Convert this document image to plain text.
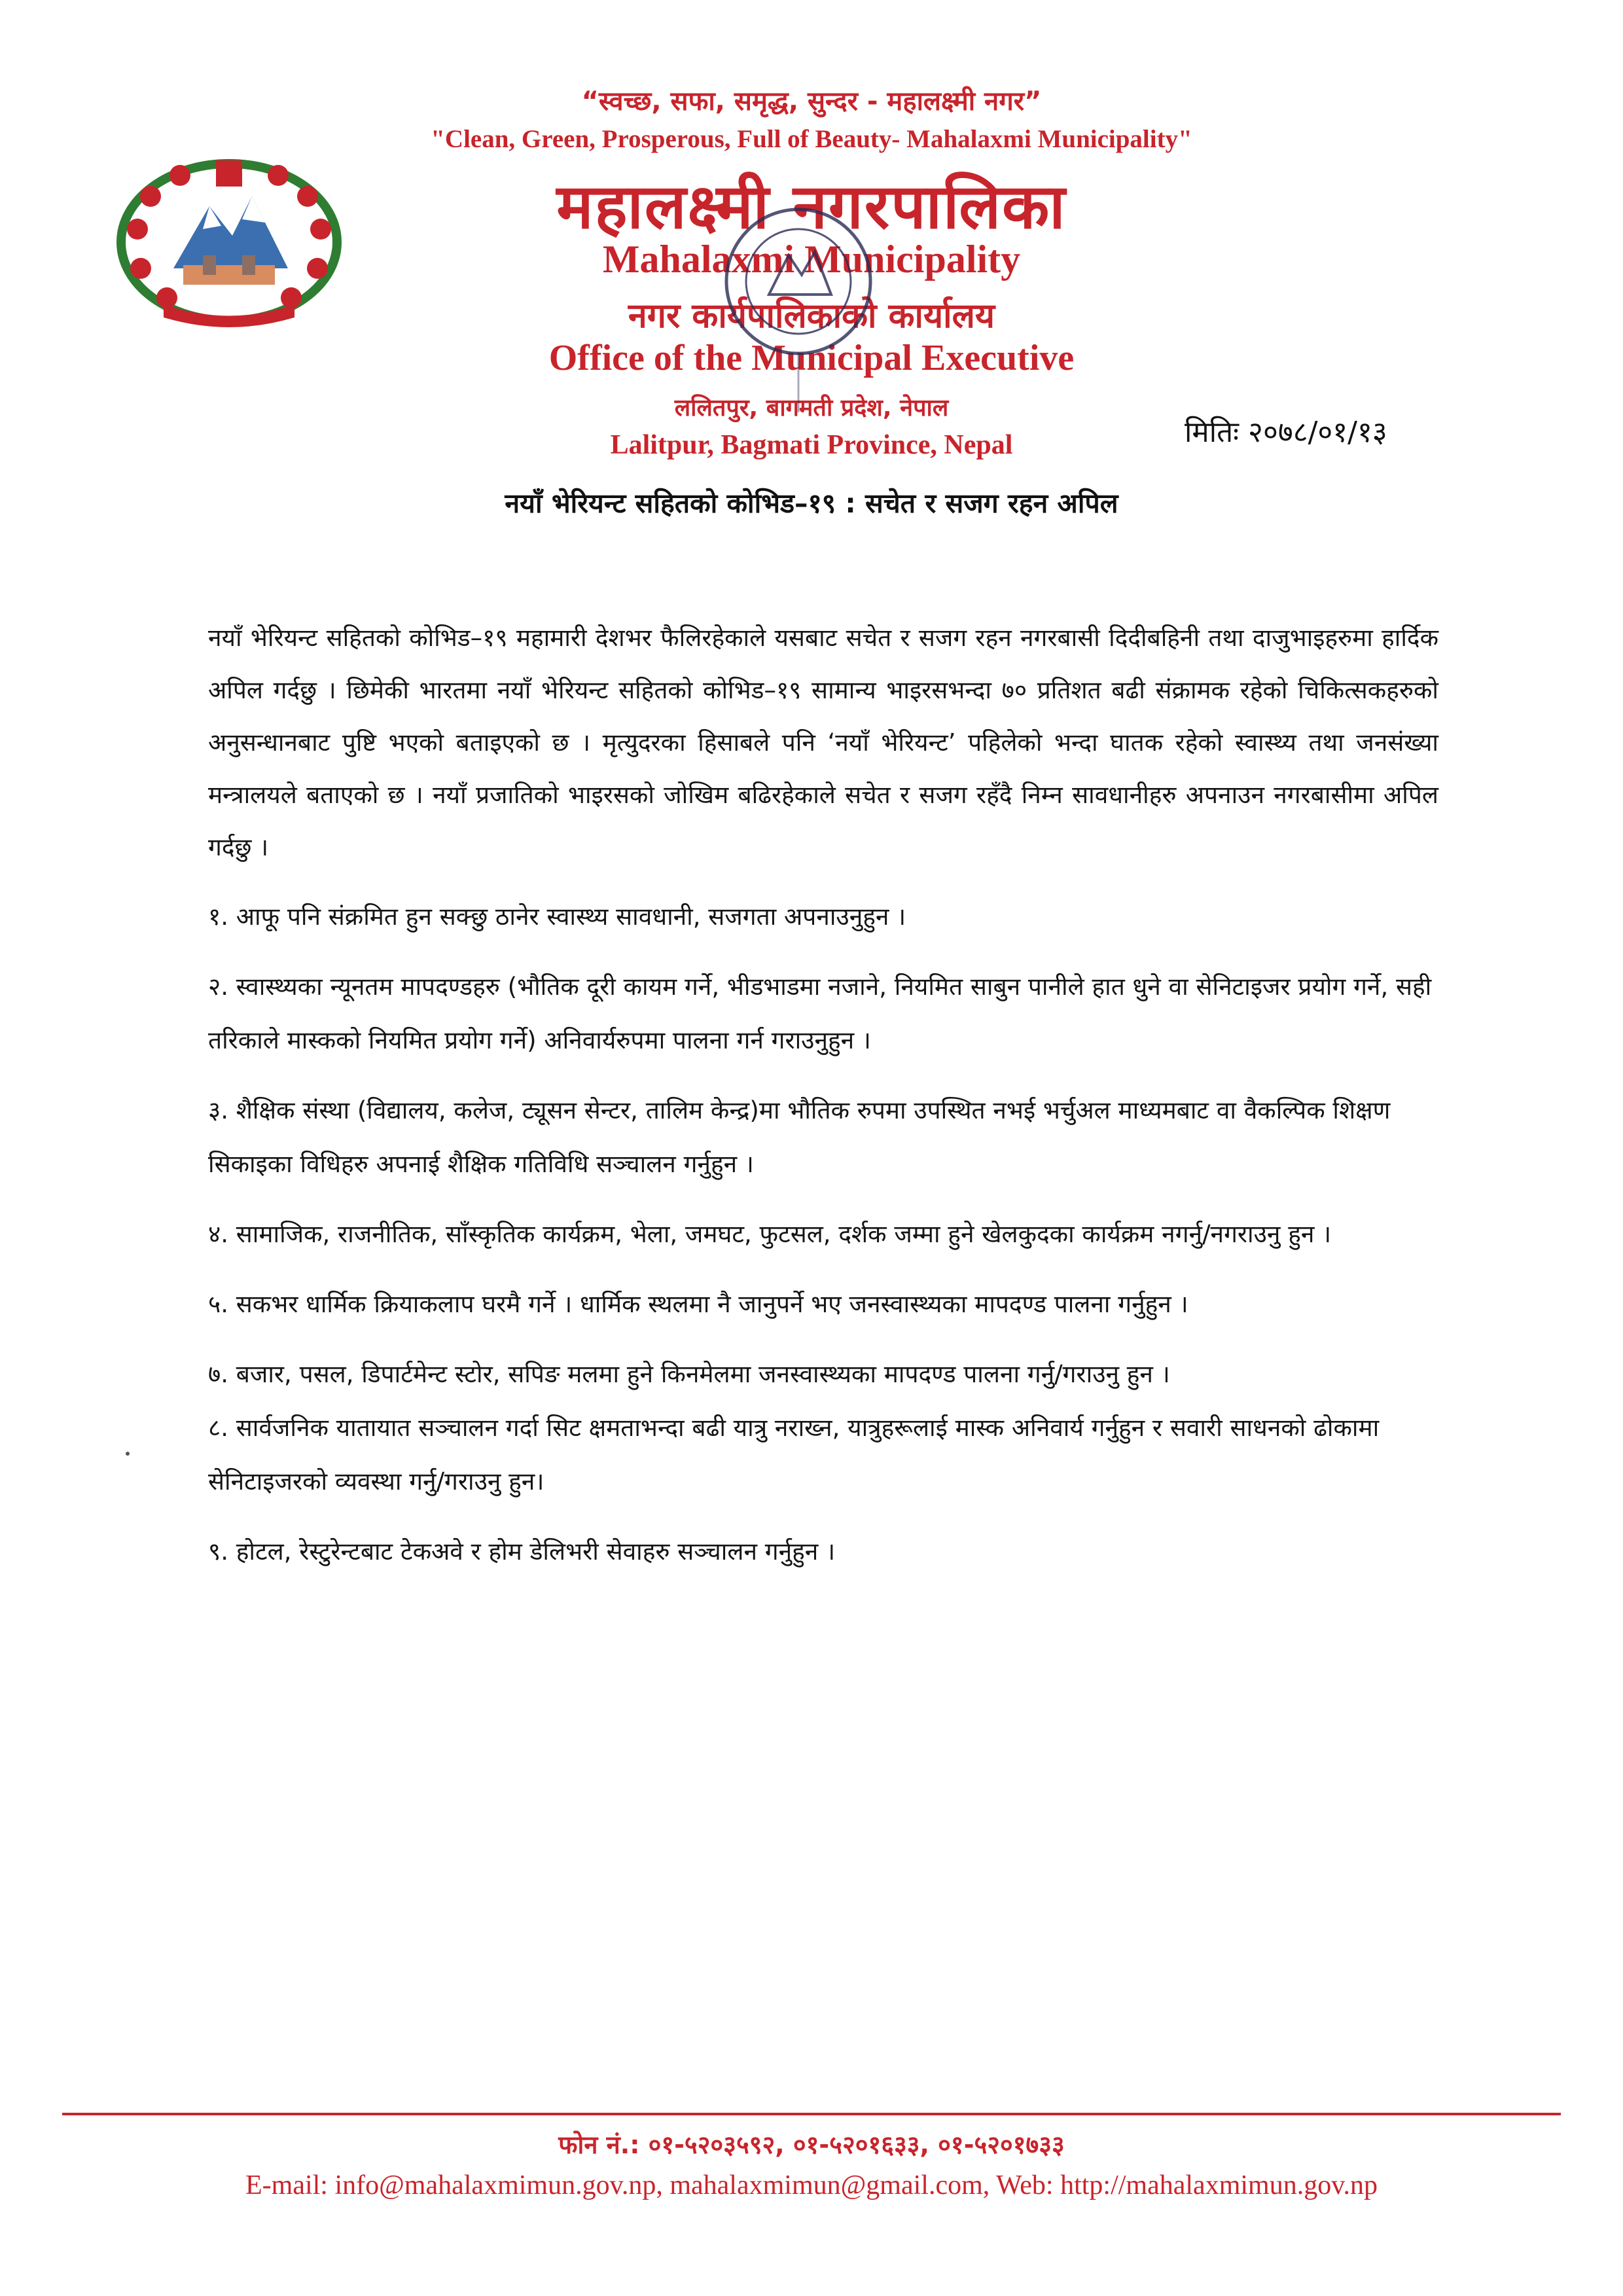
“स्वच्छ, सफा, समृद्ध, सुन्दर - महालक्ष्मी नगर”
"Clean, Green, Prosperous, Full of Beauty- Mahalaxmi Municipality"
महालक्ष्मी नगरपालिका
Mahalaxmi Municipality
नगर कार्यपालिकाको कार्यालय
Office of the Municipal Executive
ललितपुर, बागमती प्रदेश, नेपाल
Lalitpur, Bagmati Province, Nepal	मितिः २०७८/०१/१३
नयाँ भेरियन्ट सहितको कोभिड–१९ : सचेत र सजग रहन अपिल

नयाँ भेरियन्ट सहितको कोभिड–१९ महामारी देशभर फैलिरहेकाले यसबाट सचेत र सजग रहन नगरबासी दिदीबहिनी तथा दाजुभाइहरुमा हार्दिक अपिल गर्दछु । छिमेकी भारतमा नयाँ भेरियन्ट सहितको कोभिड–१९ सामान्य भाइरसभन्दा ७० प्रतिशत बढी संक्रामक रहेको चिकित्सकहरुको अनुसन्धानबाट पुष्टि भएको बताइएको छ । मृत्युदरका हिसाबले पनि ‘नयाँ भेरियन्ट’ पहिलेको भन्दा घातक रहेको स्वास्थ्य तथा जनसंख्या मन्त्रालयले बताएको छ । नयाँ प्रजातिको भाइरसको जोखिम बढिरहेकाले सचेत र सजग रहँदै निम्न सावधानीहरु अपनाउन नगरबासीमा अपिल गर्दछु ।

१. आफू पनि संक्रमित हुन सक्छु ठानेर स्वास्थ्य सावधानी, सजगता अपनाउनुहुन ।

२. स्वास्थ्यका न्यूनतम मापदण्डहरु (भौतिक दूरी कायम गर्ने, भीडभाडमा नजाने, नियमित साबुन पानीले हात धुने वा सेनिटाइजर प्रयोग गर्ने, सही तरिकाले मास्कको नियमित प्रयोग गर्ने) अनिवार्यरुपमा पालना गर्न गराउनुहुन ।

३. शैक्षिक संस्था (विद्यालय, कलेज, ट्यूसन सेन्टर, तालिम केन्द्र)मा भौतिक रुपमा उपस्थित नभई भर्चुअल माध्यमबाट वा वैकल्पिक शिक्षण सिकाइका विधिहरु अपनाई शैक्षिक गतिविधि सञ्चालन गर्नुहुन ।

४. सामाजिक, राजनीतिक, साँस्कृतिक कार्यक्रम, भेला, जमघट, फुटसल, दर्शक जम्मा हुने खेलकुदका कार्यक्रम नगर्नु/नगराउनु हुन ।

५. सकभर धार्मिक क्रियाकलाप घरमै गर्ने । धार्मिक स्थलमा नै जानुपर्ने भए जनस्वास्थ्यका मापदण्ड पालना गर्नुहुन ।

७. बजार, पसल, डिपार्टमेन्ट स्टोर, सपिङ मलमा हुने किनमेलमा जनस्वास्थ्यका मापदण्ड पालना गर्नु/गराउनु हुन ।

८. सार्वजनिक यातायात सञ्चालन गर्दा सिट क्षमताभन्दा बढी यात्रु नराख्न, यात्रुहरूलाई मास्क अनिवार्य गर्नुहुन र सवारी साधनको ढोकामा सेनिटाइजरको व्यवस्था गर्नु/गराउनु हुन।

९. होटल, रेस्टुरेन्टबाट टेकअवे र होम डेलिभरी सेवाहरु सञ्चालन गर्नुहुन ।

फोन नं.: ०१-५२०३५९२, ०१-५२०१६३३, ०१-५२०१७३३
E-mail: info@mahalaxmimun.gov.np, mahalaxmimun@gmail.com, Web: http://mahalaxmimun.gov.np
